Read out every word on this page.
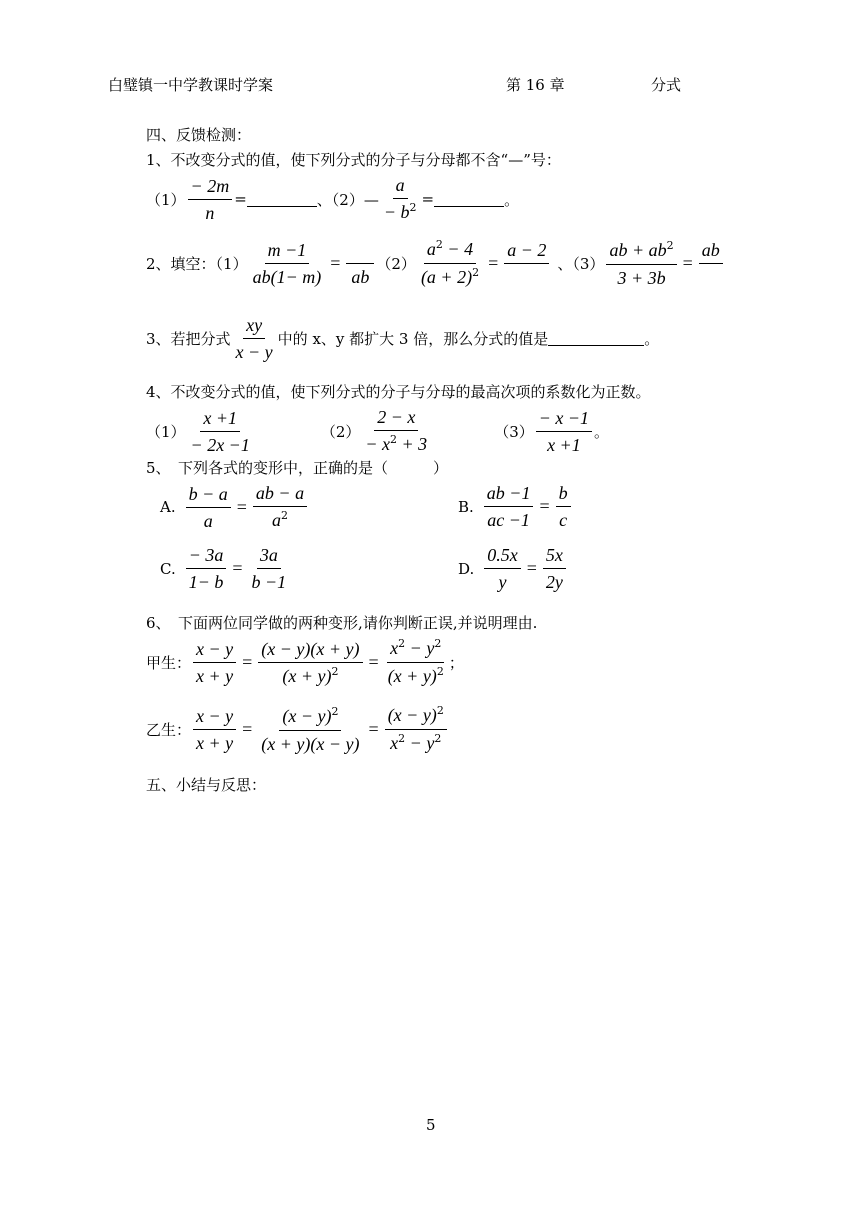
白璧镇一中学教课时学案	第 16 章	分式
四、反馈检测：
1、不改变分式的值，使下列分式的分子与分母都不含“—”号：
$(1) \frac{- 2m}{n}$ =	、（2）— $\frac{a}{- b^2}$ =	。
2、填空：$(1) \frac{m -1}{ab(1- m)}$ =
ab
$(2) \frac{a^2 - 4}{(a + 2)^2}$ =
a − 2
、$(3) \frac{ab + ab^2}{3 + 3b}$ =
ab
3、若把分式 $\frac{xy}{x - y}$ 中的 x、y 都扩大 3 倍，那么分式的值是	。
4、不改变分式的值，使下列分式的分子与分母的最高次项的系数化为正数。
$(1) \frac{x +1}{- 2x -1}$	$(2) \frac{2 - x}{- x^2 + 3}$	$(3) \frac{- x -1}{x +1}$ 。
5、　下列各式的变形中，正确的是（　　　）
A. $\frac{b - a}{a} = \frac{ab - a}{a^2}$	B. $\frac{ab -1}{ac -1} = \frac{b}{c}$
C. $\frac{- 3a}{1- b} = \frac{3a}{b -1}$	D. $\frac{0.5x}{y} = \frac{5x}{2y}$
6、　下面两位同学做的两种变形,请你判断正误,并说明理由.
甲生： $\frac{x - y}{x + y} = \frac{(x - y)(x + y)}{(x + y)^2} = \frac{x^2 - y^2}{(x + y)^2}$ ；
乙生： $\frac{x - y}{x + y} = \frac{(x - y)^2}{(x + y)(x - y)} = \frac{(x - y)^2}{x^2 - y^2}$
五、小结与反思：
5
